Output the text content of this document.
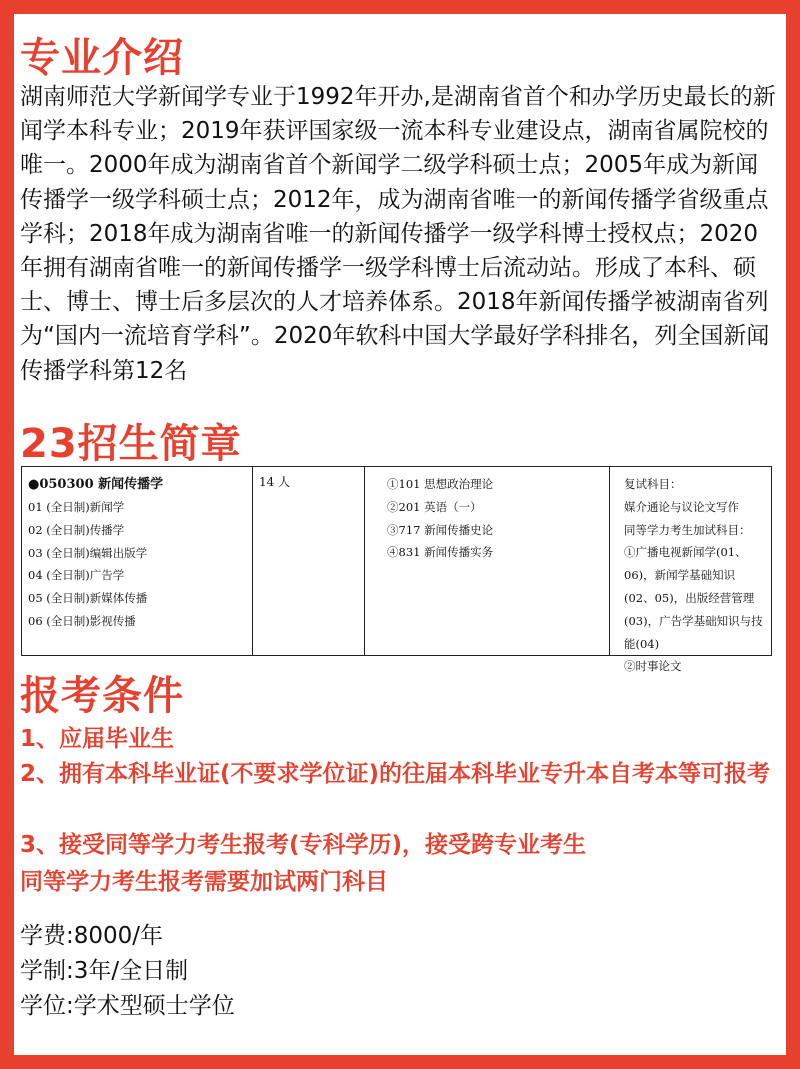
专业介绍
湖南师范大学新闻学专业于1992年开办,是湖南省首个和办学历史最长的新闻学本科专业；2019年获评国家级一流本科专业建设点，湖南省属院校的唯一。2000年成为湖南省首个新闻学二级学科硕士点；2005年成为新闻传播学一级学科硕士点；2012年，成为湖南省唯一的新闻传播学省级重点学科；2018年成为湖南省唯一的新闻传播学一级学科博士授权点；2020年拥有湖南省唯一的新闻传播学一级学科博士后流动站。形成了本科、硕士、博士、博士后多层次的人才培养体系。2018年新闻传播学被湖南省列为“国内一流培育学科”。2020年软科中国大学最好学科排名，列全国新闻传播学科第12名
23招生简章
●050300 新闻传播学
01 (全日制)新闻学
02 (全日制)传播学
03 (全日制)编辑出版学
04 (全日制)广告学
05 (全日制)新媒体传播
06 (全日制)影视传播
14 人	①101 思想政治理论
②201 英语（一）
③717 新闻传播史论
④831 新闻传播实务
复试科目：
媒介通论与议论文写作
同等学力考生加试科目：
①广播电视新闻学(01、06)，新闻学基础知识(02、05)，出版经营管理(03)，广告学基础知识与技能(04)
②时事论文
报考条件
1、应届毕业生
2、拥有本科毕业证(不要求学位证)的往届本科毕业专升本自考本等可报考
3、接受同等学力考生报考(专科学历)，接受跨专业考生
同等学力考生报考需要加试两门科目
学费:8000/年
学制:3年/全日制
学位:学术型硕士学位
